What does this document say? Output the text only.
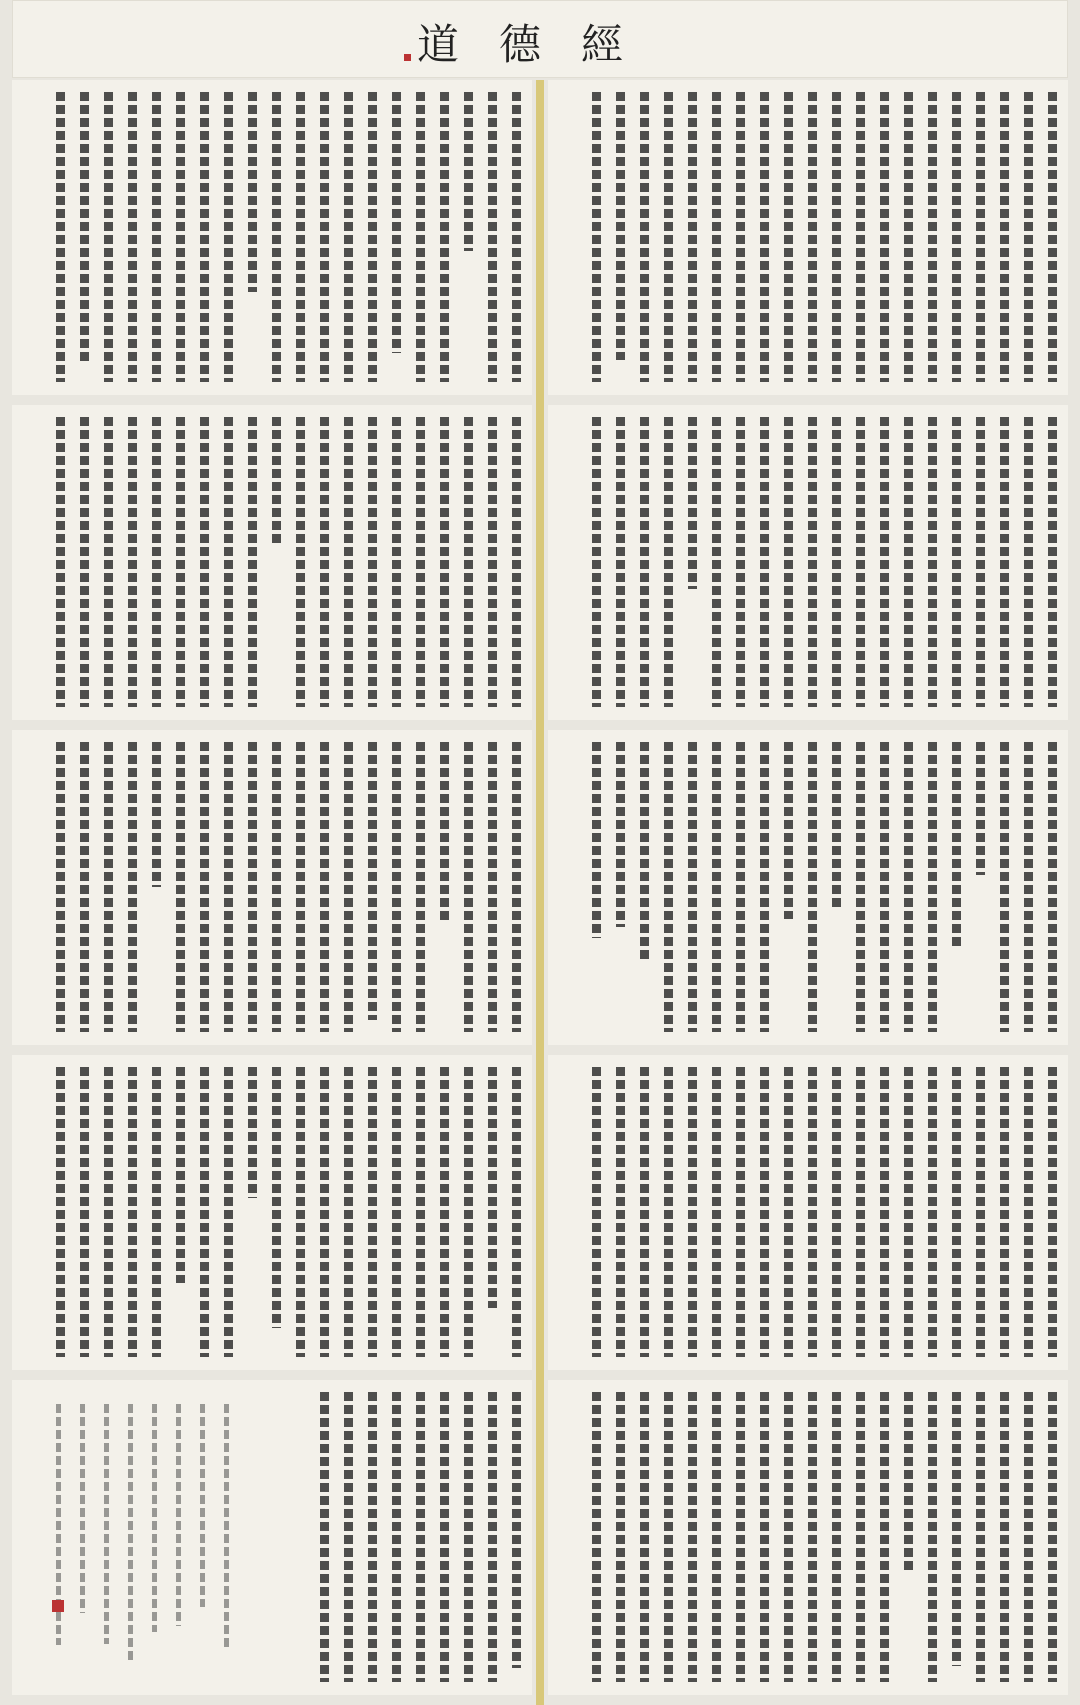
道德經
